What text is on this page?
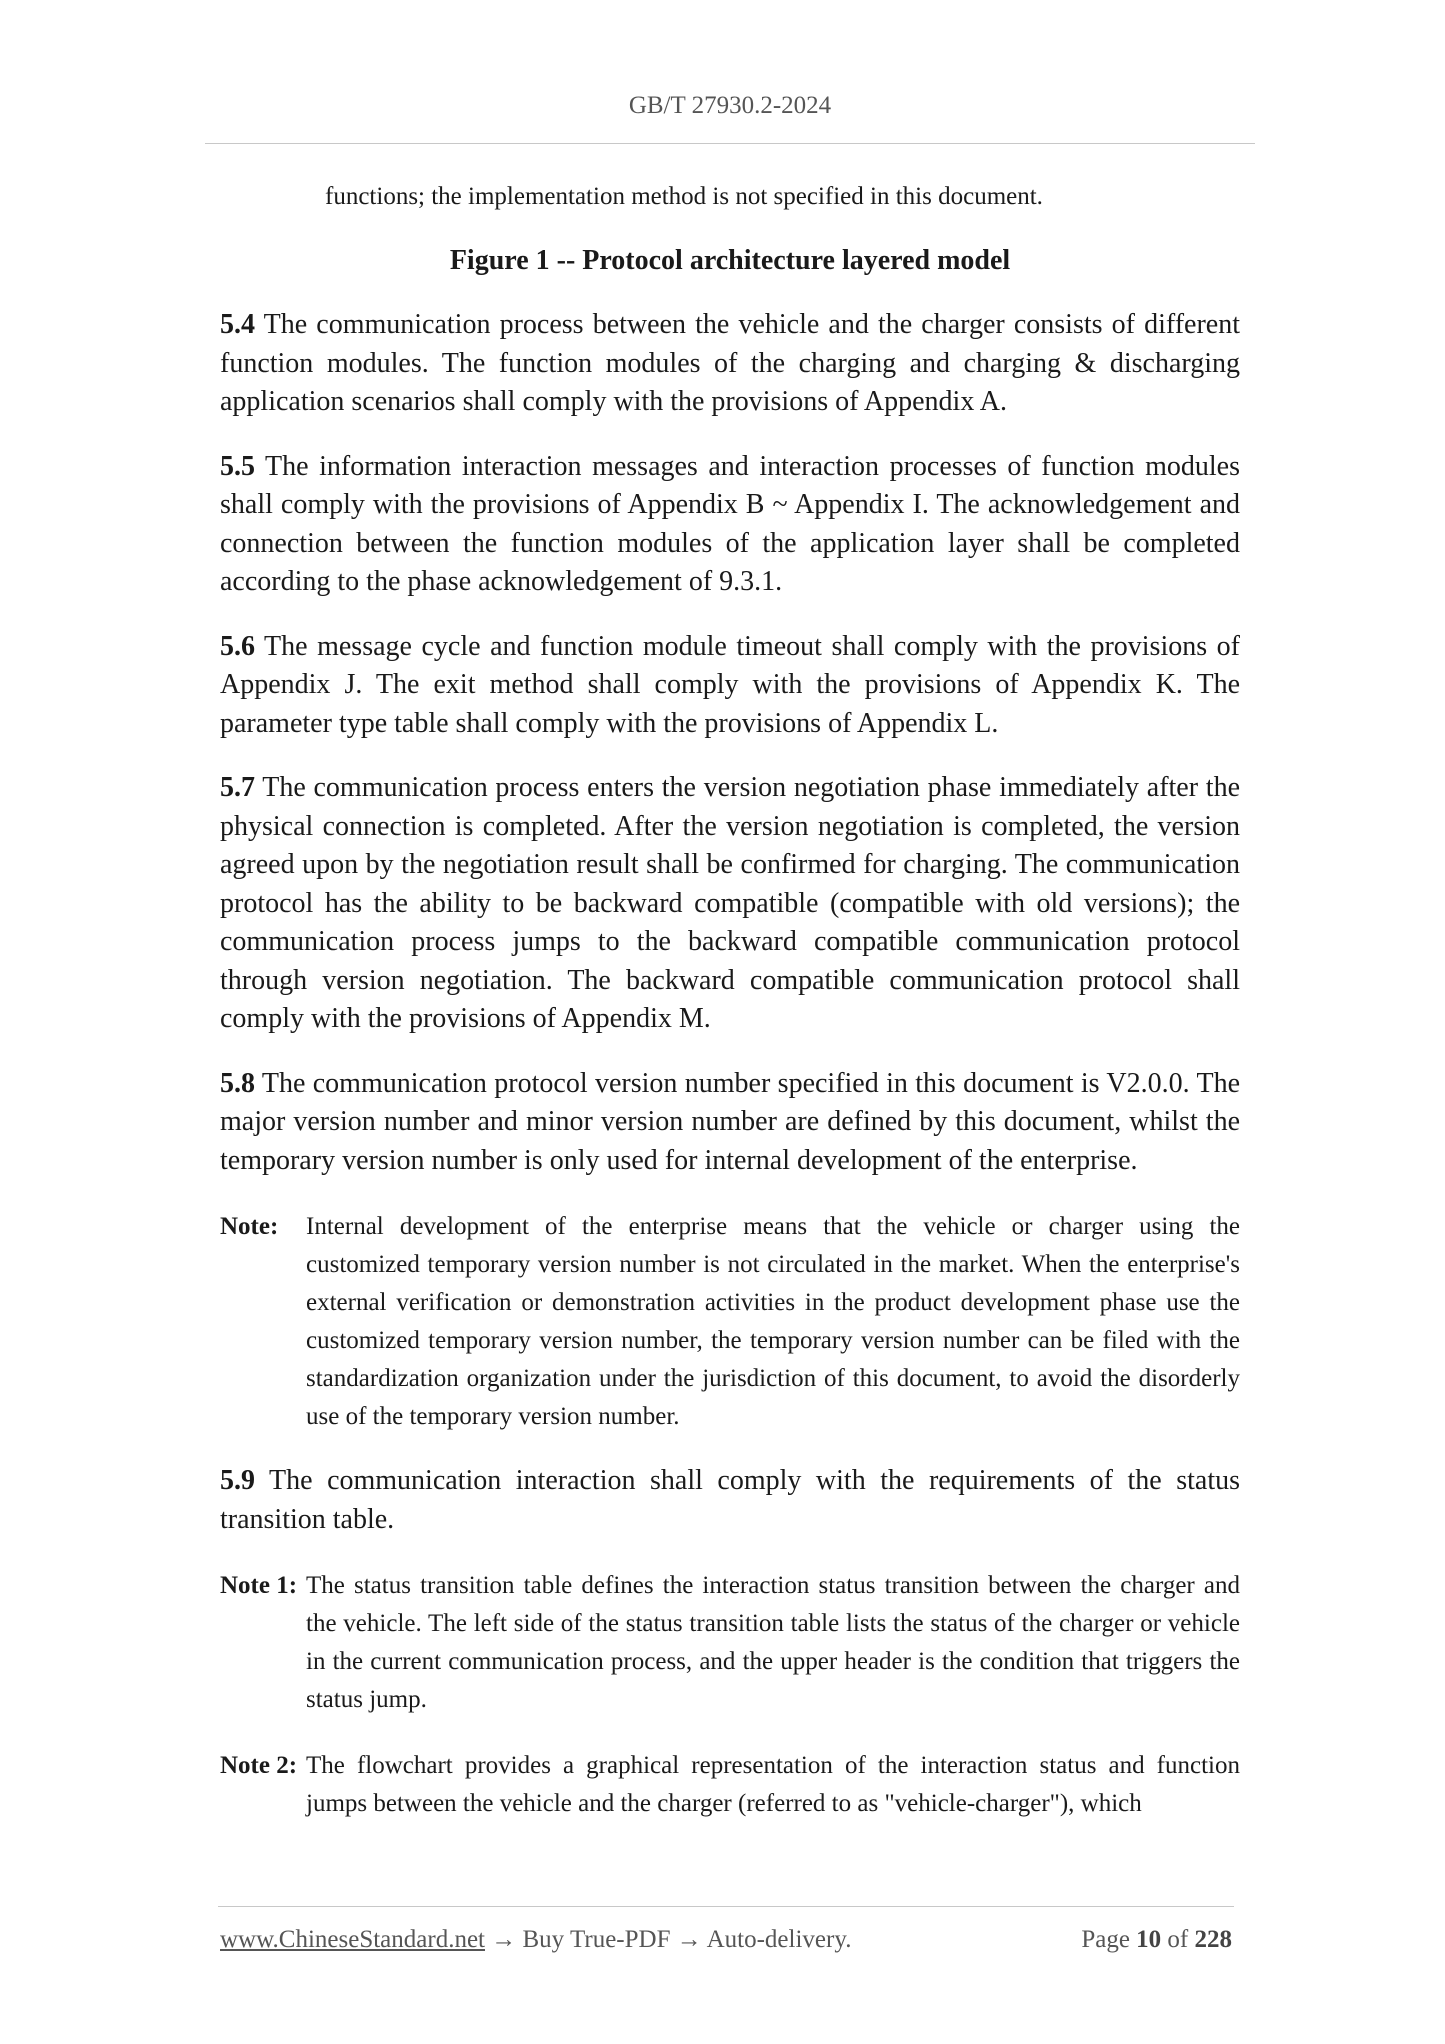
GB/T 27930.2-2024

functions; the implementation method is not specified in this document.

Figure 1 -- Protocol architecture layered model

5.4 The communication process between the vehicle and the charger consists of different function modules. The function modules of the charging and charging & discharging application scenarios shall comply with the provisions of Appendix A.

5.5 The information interaction messages and interaction processes of function modules shall comply with the provisions of Appendix B ~ Appendix I. The acknowledgement and connection between the function modules of the application layer shall be completed according to the phase acknowledgement of 9.3.1.

5.6 The message cycle and function module timeout shall comply with the provisions of Appendix J. The exit method shall comply with the provisions of Appendix K. The parameter type table shall comply with the provisions of Appendix L.

5.7 The communication process enters the version negotiation phase immediately after the physical connection is completed. After the version negotiation is completed, the version agreed upon by the negotiation result shall be confirmed for charging. The communication protocol has the ability to be backward compatible (compatible with old versions); the communication process jumps to the backward compatible communication protocol through version negotiation. The backward compatible communication protocol shall comply with the provisions of Appendix M.

5.8 The communication protocol version number specified in this document is V2.0.0. The major version number and minor version number are defined by this document, whilst the temporary version number is only used for internal development of the enterprise.

Note:	Internal development of the enterprise means that the vehicle or charger using the customized temporary version number is not circulated in the market. When the enterprise's external verification or demonstration activities in the product development phase use the customized temporary version number, the temporary version number can be filed with the standardization organization under the jurisdiction of this document, to avoid the disorderly use of the temporary version number.

5.9 The communication interaction shall comply with the requirements of the status transition table.

Note 1: The status transition table defines the interaction status transition between the charger and the vehicle. The left side of the status transition table lists the status of the charger or vehicle in the current communication process, and the upper header is the condition that triggers the status jump.
Note 2: The flowchart provides a graphical representation of the interaction status and function jumps between the vehicle and the charger (referred to as "vehicle-charger"), which
www.ChineseStandard.net → Buy True-PDF → Auto-delivery.	Page 10 of 228
